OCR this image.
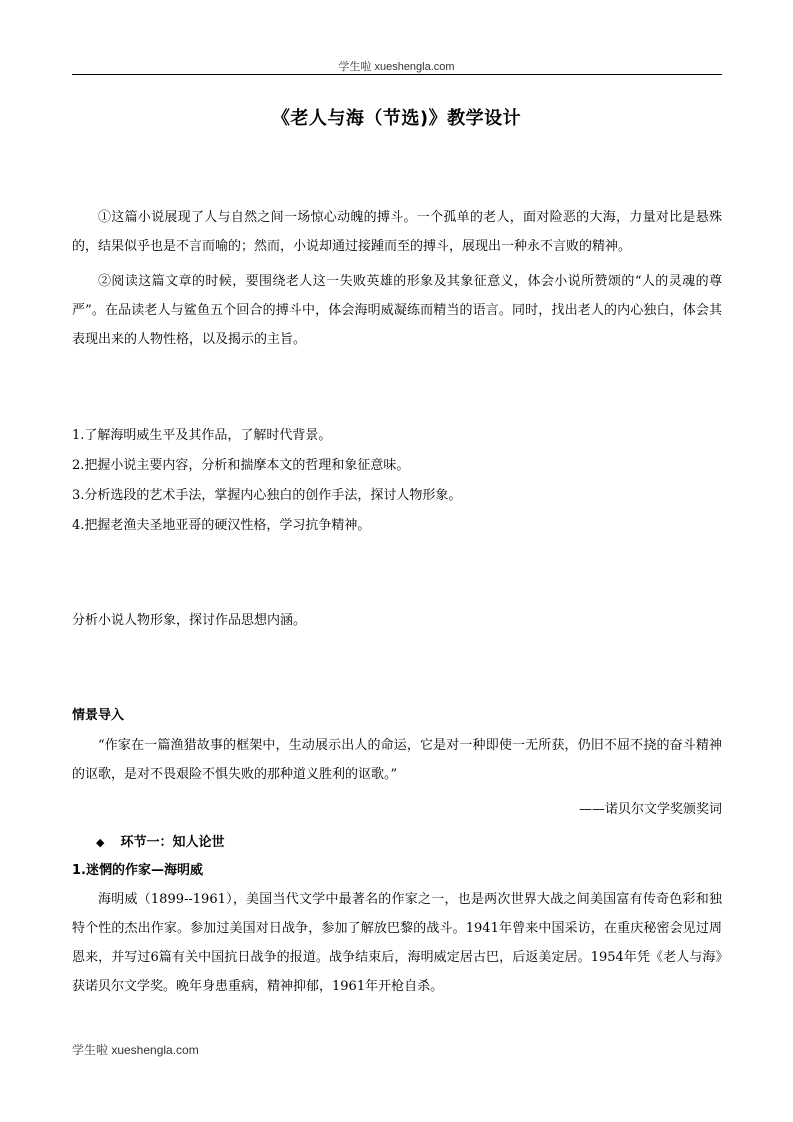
学生啦 xueshengla.com
《老人与海（节选)》教学设计
①这篇小说展现了人与自然之间一场惊心动魄的搏斗。一个孤单的老人，面对险恶的大海，力量对比是悬殊的，结果似乎也是不言而喻的；然而，小说却通过接踵而至的搏斗，展现出一种永不言败的精神。
②阅读这篇文章的时候，要围绕老人这一失败英雄的形象及其象征意义，体会小说所赞颂的“人的灵魂的尊严”。在品读老人与鲨鱼五个回合的搏斗中，体会海明威凝练而精当的语言。同时，找出老人的内心独白，体会其表现出来的人物性格，以及揭示的主旨。
1.了解海明威生平及其作品，了解时代背景。
2.把握小说主要内容，分析和揣摩本文的哲理和象征意味。
3.分析选段的艺术手法，掌握内心独白的创作手法，探讨人物形象。
4.把握老渔夫圣地亚哥的硬汉性格，学习抗争精神。
分析小说人物形象，探讨作品思想内涵。
情景导入
“作家在一篇渔猎故事的框架中，生动展示出人的命运，它是对一种即使一无所获，仍旧不屈不挠的奋斗精神的讴歌，是对不畏艰险不惧失败的那种道义胜利的讴歌。”
——诺贝尔文学奖颁奖词
◆ 环节一：知人论世
1.迷惘的作家—海明威
海明威（1899--1961），美国当代文学中最著名的作家之一，也是两次世界大战之间美国富有传奇色彩和独特个性的杰出作家。参加过美国对日战争，参加了解放巴黎的战斗。1941年曾来中国采访，在重庆秘密会见过周恩来，并写过6篇有关中国抗日战争的报道。战争结束后，海明威定居古巴，后返美定居。1954年凭《老人与海》获诺贝尔文学奖。晚年身患重病，精神抑郁，1961年开枪自杀。
学生啦 xueshengla.com
